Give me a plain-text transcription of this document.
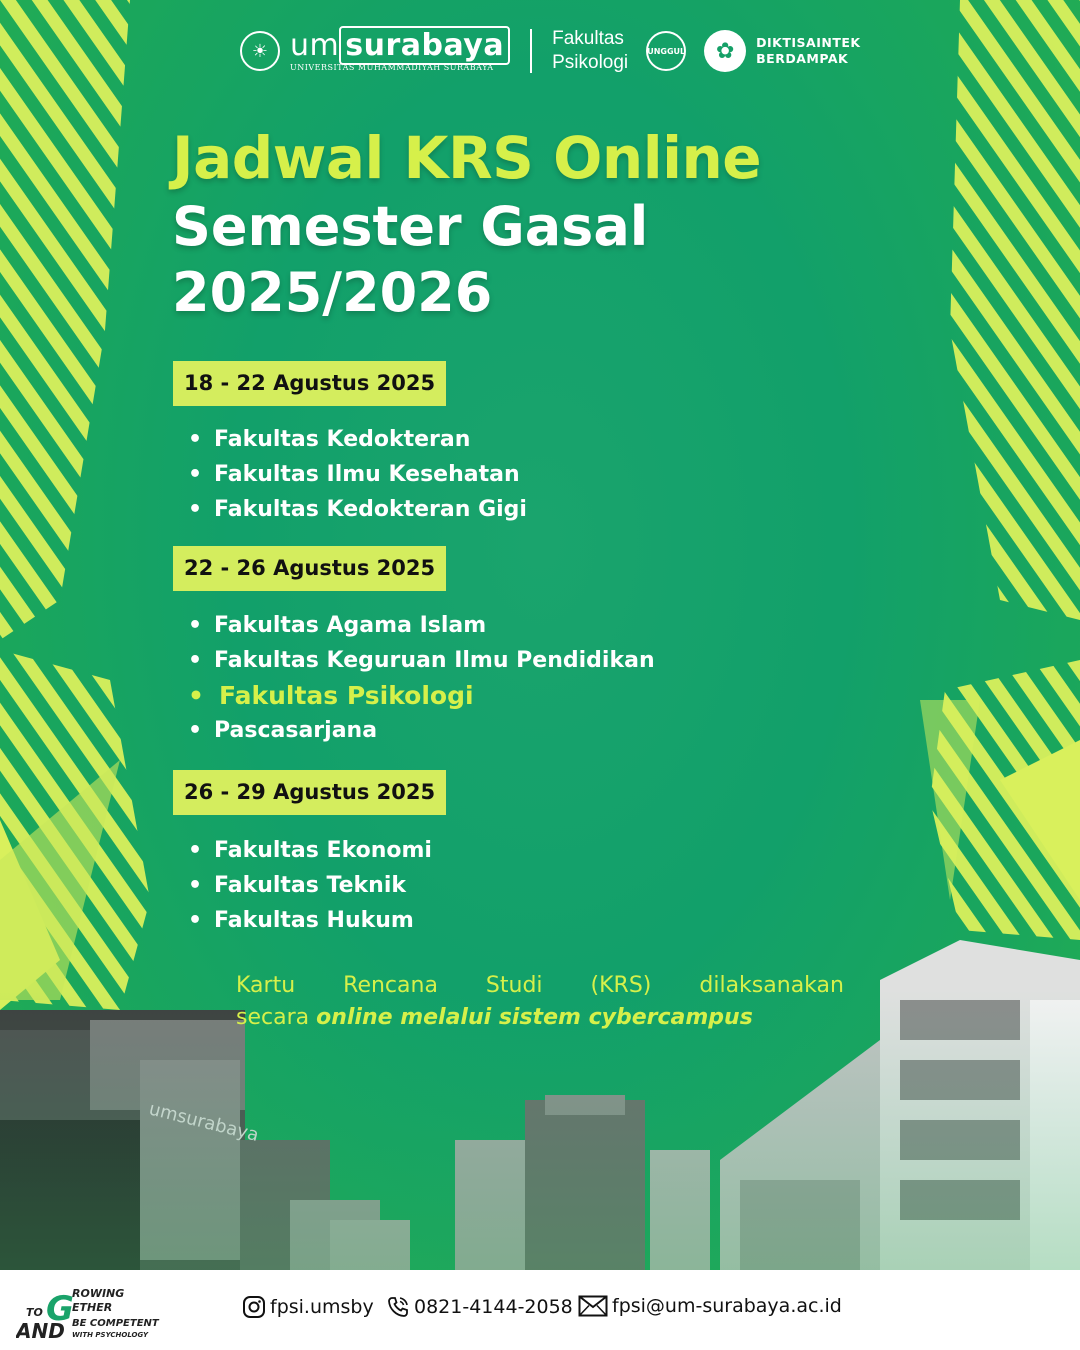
☀ um surabaya
UNIVERSITAS MUHAMMADIYAH SURABAYA
Fakultas
Psikologi
UNGGUL	✿	DIKTISAINTEK
BERDAMPAK
Jadwal KRS Online
Semester Gasal
2025/2026
18 - 22 Agustus 2025
• Fakultas Kedokteran
• Fakultas Ilmu Kesehatan
• Fakultas Kedokteran Gigi
22 - 26 Agustus 2025
• Fakultas Agama Islam
• Fakultas Keguruan Ilmu Pendidikan
• Fakultas Psikologi
• Pascasarjana
26 - 29 Agustus 2025
• Fakultas Ekonomi
• Fakultas Teknik
• Fakultas Hukum
Kartu Rencana Studi (KRS) dilaksanakan
secara online melalui sistem cybercampus
TO G
ROWING
ETHER
AND BE COMPETENT
WITH PSYCHOLOGY
fpsi.umsby 0821-4144-2058 fpsi@um-surabaya.ac.id
